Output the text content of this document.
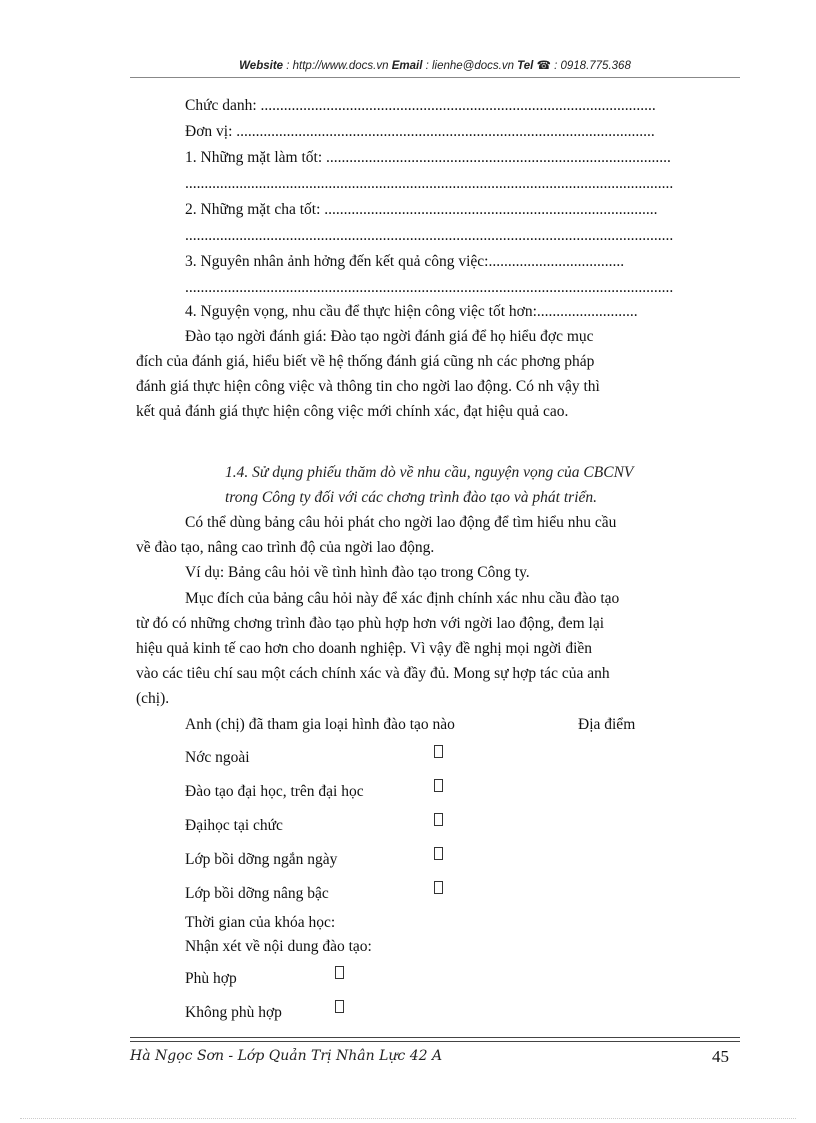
Website : http://www.docs.vn Email : lienhe@docs.vn Tel ☎ : 0918.775.368
Chức danh: ......................................................................................................
Đơn vị: ............................................................................................................
1. Những mặt làm tốt: .........................................................................................
..............................................................................................................................
2. Những mặt cha tốt: ......................................................................................
..............................................................................................................................
3. Nguyên nhân ảnh hởng đến kết quả công việc:...................................
..............................................................................................................................
4. Nguyện vọng, nhu cầu để thực hiện công việc tốt hơn:..........................
Đào tạo ngời đánh giá: Đào tạo ngời đánh giá để họ hiểu đợc mục
đích của đánh giá, hiểu biết về hệ thống đánh giá cũng nh các phơng pháp
đánh giá thực hiện công việc và thông tin cho ngời lao động. Có nh vậy thì
kết quả đánh giá thực hiện công việc mới chính xác, đạt hiệu quả cao.
1.4. Sử dụng phiếu thăm dò về nhu cầu, nguyện vọng của CBCNV
trong Công ty đối với các chơng trình đào tạo và phát triển.
Có thể dùng bảng câu hỏi phát cho ngời lao động để tìm hiểu nhu cầu
về đào tạo, nâng cao trình độ của ngời lao động.
Ví dụ: Bảng câu hỏi về tình hình đào tạo trong Công ty.
Mục đích của bảng câu hỏi này để xác định chính xác nhu cầu đào tạo
từ đó có những chơng trình đào tạo phù hợp hơn với ngời lao động, đem lại
hiệu quả kinh tế cao hơn cho doanh nghiệp. Vì vậy đề nghị mọi ngời điền
vào các tiêu chí sau một cách chính xác và đầy đủ. Mong sự hợp tác của anh
(chị).
Anh (chị) đã tham gia loại hình đào tạo nào	Địa điểm
Nớc ngoài
Đào tạo đại học, trên đại học
Đạihọc tại chức
Lớp bồi dỡng ngắn ngày
Lớp bồi dỡng nâng bậc
Thời gian của khóa học:
Nhận xét về nội dung đào tạo:
Phù hợp
Không phù hợp
Hà Ngọc Sơn - Lớp Quản Trị Nhân Lực 42 A	45
